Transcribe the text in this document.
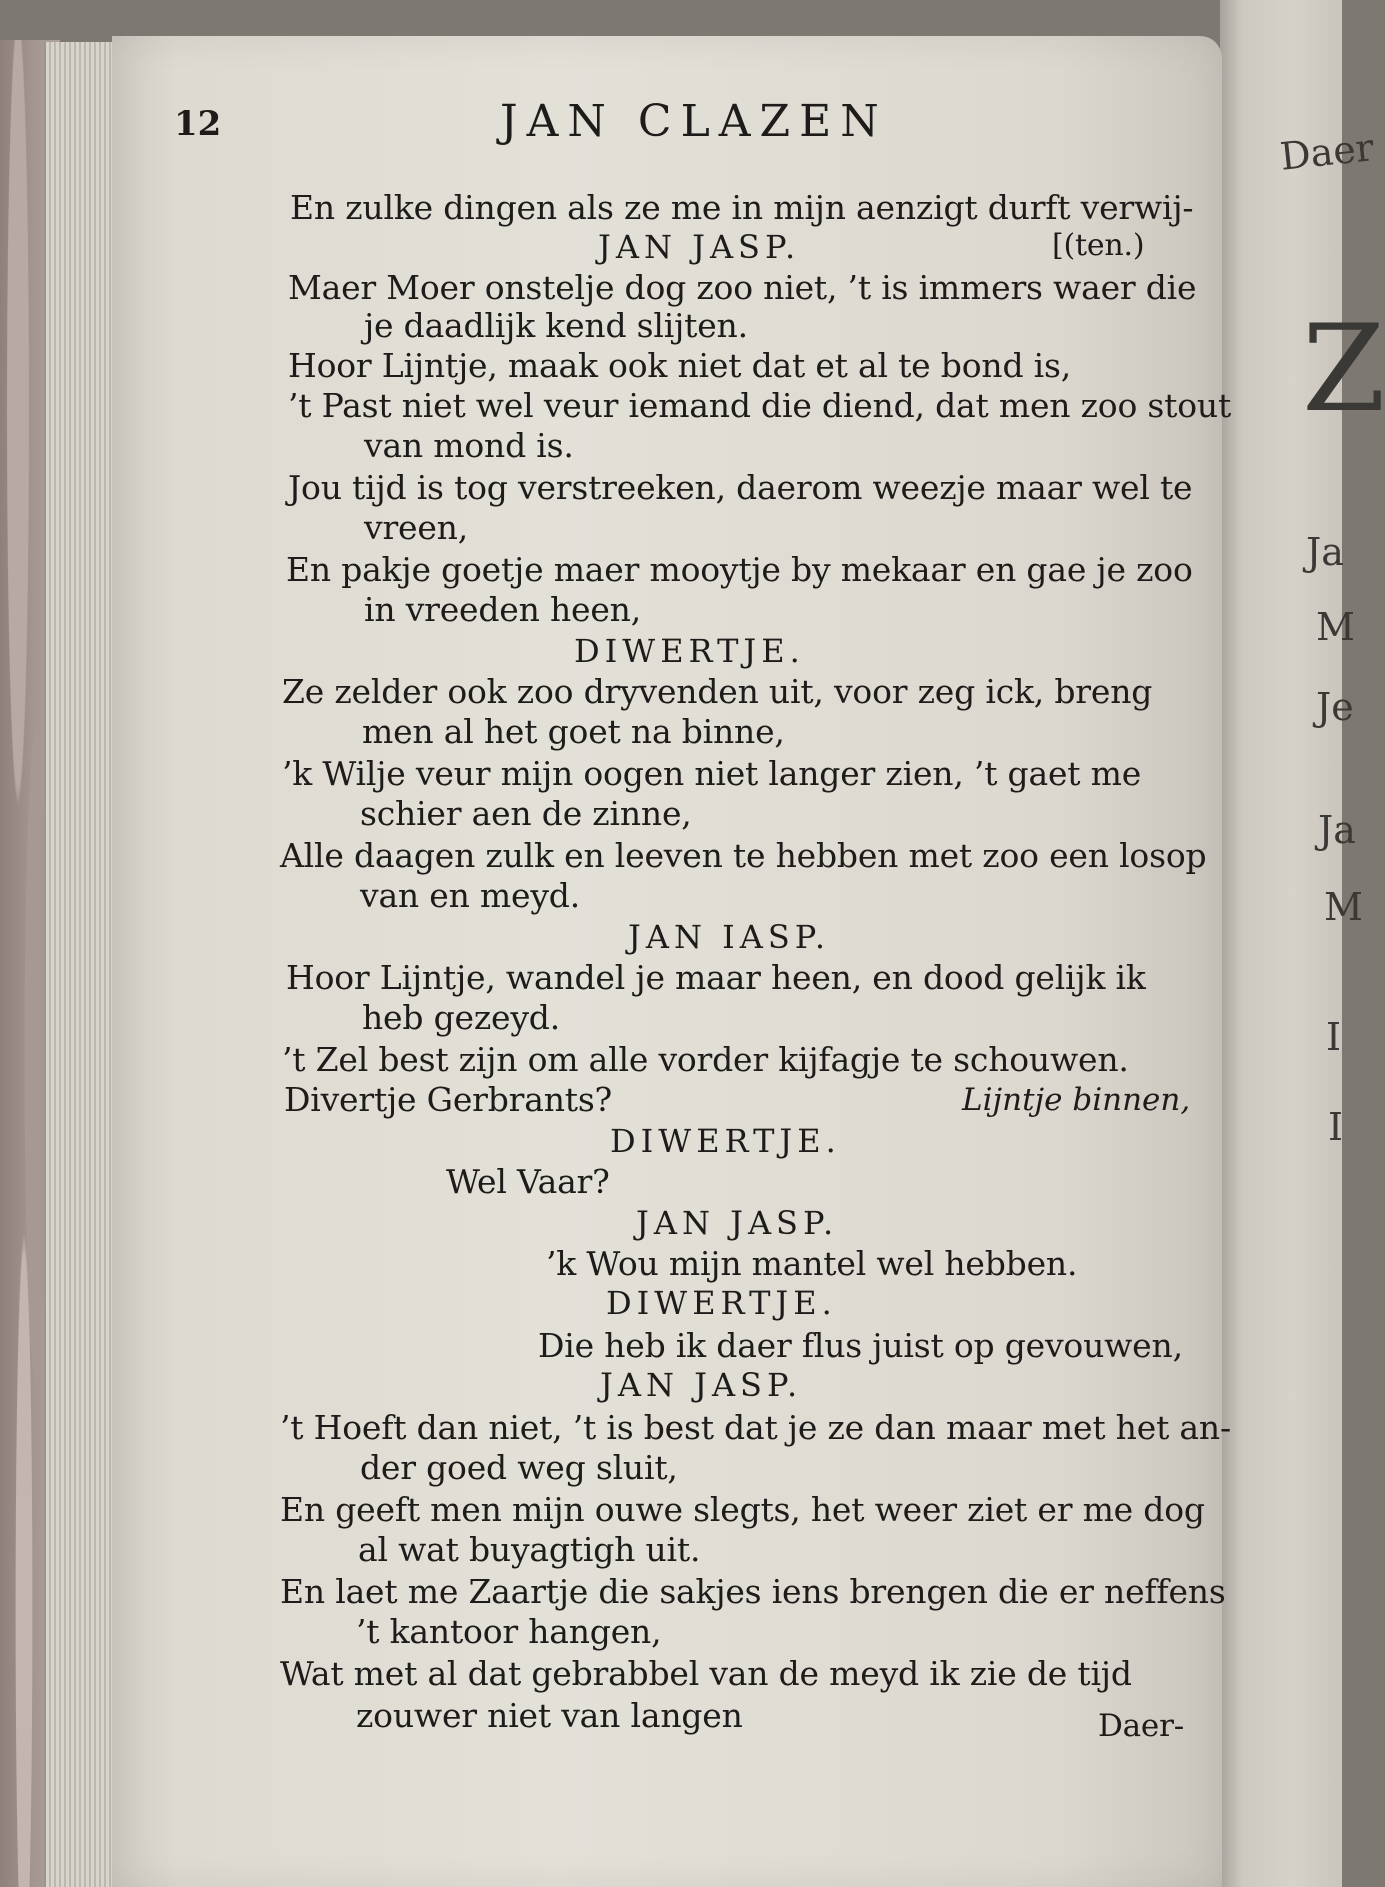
Daer
Z
Ja
M
Je
Ja
M
I
I
12	JAN CLAZEN
En zulke dingen als ze me in mijn aenzigt durft verwij-
JAN JASP.	[(ten.)
Maer Moer onstelje dog zoo niet, ’t is immers waer die
je daadlijk kend slijten.
Hoor Lijntje, maak ook niet dat et al te bond is,
’t Past niet wel veur iemand die diend, dat men zoo stout
van mond is.
Jou tijd is tog verstreeken, daerom weezje maar wel te
vreen,
En pakje goetje maer mooytje by mekaar en gae je zoo
in vreeden heen,
DIWERTJE.
Ze zelder ook zoo dryvenden uit, voor zeg ick, breng
men al het goet na binne,
’k Wilje veur mijn oogen niet langer zien, ’t gaet me
schier aen de zinne,
Alle daagen zulk en leeven te hebben met zoo een losop
van en meyd.
JAN IASP.
Hoor Lijntje, wandel je maar heen, en dood gelijk ik
heb gezeyd.
’t Zel best zijn om alle vorder kijfagje te schouwen.
Divertje Gerbrants?	Lijntje binnen,
DIWERTJE.
Wel Vaar?
JAN JASP.
’k Wou mijn mantel wel hebben.
DIWERTJE.
Die heb ik daer flus juist op gevouwen,
JAN JASP.
’t Hoeft dan niet, ’t is best dat je ze dan maar met het an-
der goed weg sluit,
En geeft men mijn ouwe slegts, het weer ziet er me dog
al wat buyagtigh uit.
En laet me Zaartje die sakjes iens brengen die er neffens
’t kantoor hangen,
Wat met al dat gebrabbel van de meyd ik zie de tijd
zouwer niet van langen	Daer-
